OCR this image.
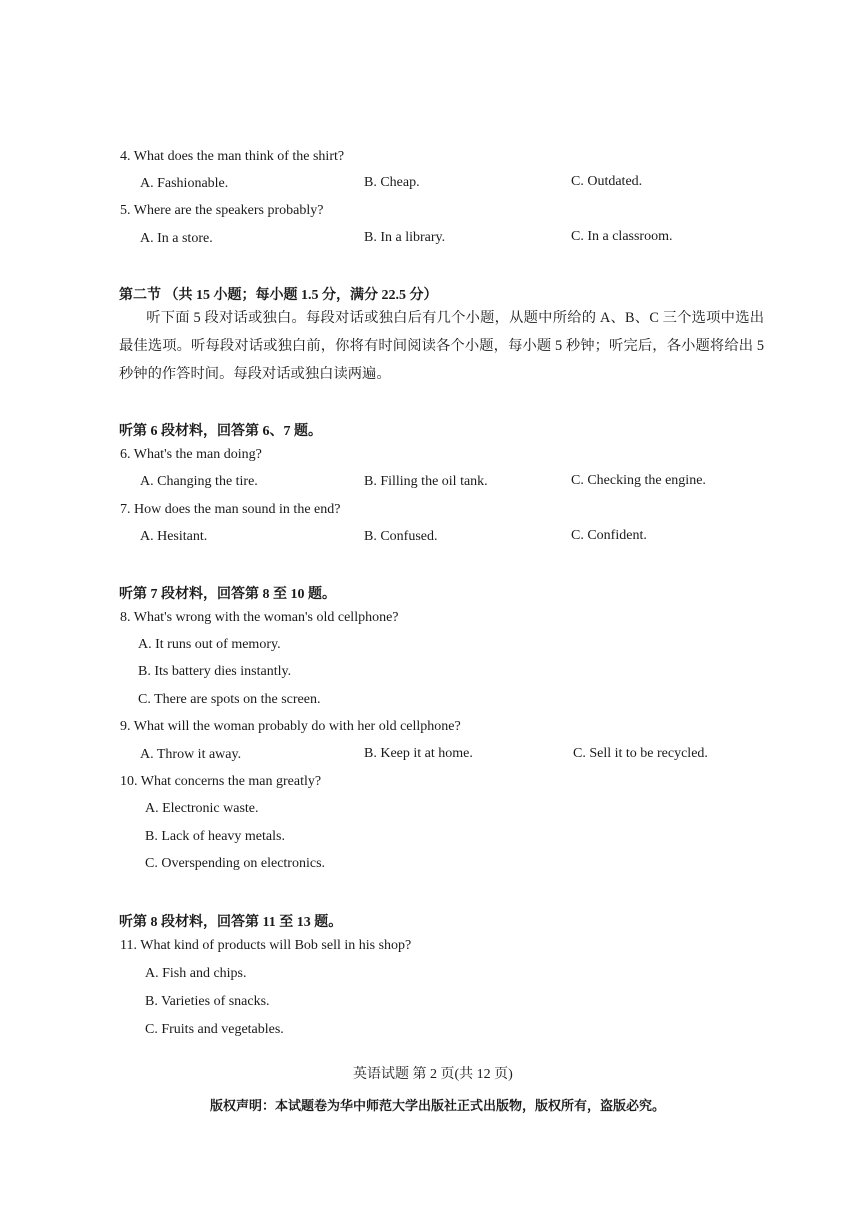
4. What does the man think of the shirt?
A. Fashionable.	B. Cheap.	C. Outdated.
5. Where are the speakers probably?
A. In a store.	B. In a library.	C. In a classroom.
第二节 （共 15 小题；每小题 1.5 分，满分 22.5 分）
听下面 5 段对话或独白。每段对话或独白后有几个小题，从题中所给的 A、B、C 三个选项中选出最佳选项。听每段对话或独白前，你将有时间阅读各个小题，每小题 5 秒钟；听完后，各小题将给出 5 秒钟的作答时间。每段对话或独白读两遍。
听第 6 段材料，回答第 6、7 题。
6. What's the man doing?
A. Changing the tire.	B. Filling the oil tank.	C. Checking the engine.
7. How does the man sound in the end?
A. Hesitant.	B. Confused.	C. Confident.
听第 7 段材料，回答第 8 至 10 题。
8. What's wrong with the woman's old cellphone?
A. It runs out of memory.
B. Its battery dies instantly.
C. There are spots on the screen.
9. What will the woman probably do with her old cellphone?
A. Throw it away.	B. Keep it at home.	C. Sell it to be recycled.
10. What concerns the man greatly?
A. Electronic waste.
B. Lack of heavy metals.
C. Overspending on electronics.
听第 8 段材料，回答第 11 至 13 题。
11. What kind of products will Bob sell in his shop?
A. Fish and chips.
B. Varieties of snacks.
C. Fruits and vegetables.
英语试题 第 2 页(共 12 页)
版权声明：本试题卷为华中师范大学出版社正式出版物，版权所有，盗版必究。
